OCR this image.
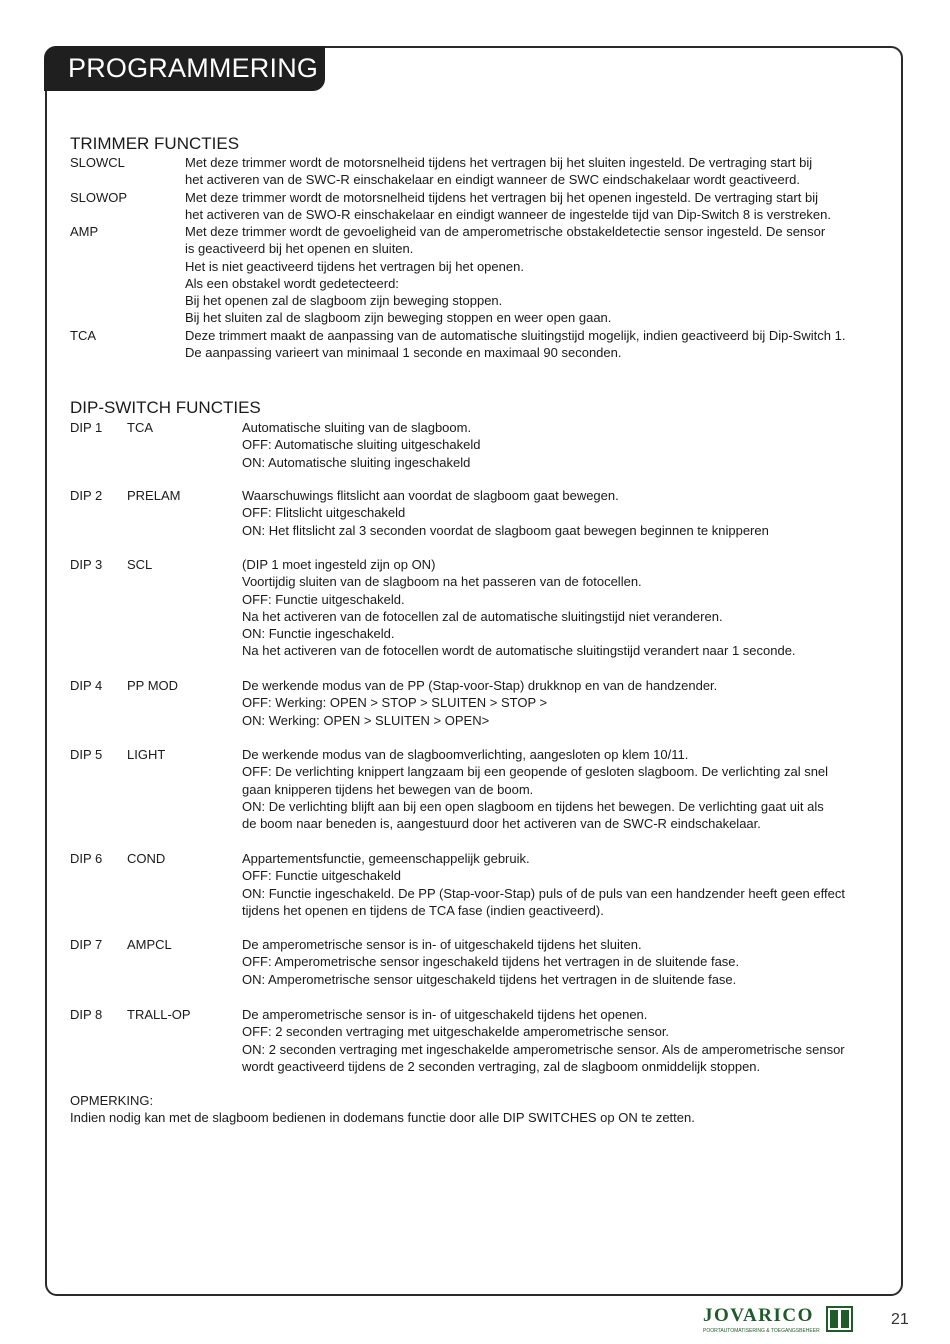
PROGRAMMERING
TRIMMER FUNCTIES
SLOWCL	Met deze trimmer wordt de motorsnelheid tijdens het vertragen bij het sluiten ingesteld. De vertraging start bij
het activeren van de SWC-R einschakelaar en eindigt wanneer de SWC eindschakelaar wordt geactiveerd.
SLOWOP	Met deze trimmer wordt de motorsnelheid tijdens het vertragen bij het openen ingesteld. De vertraging start bij
het activeren van de SWO-R einschakelaar en eindigt wanneer de ingestelde tijd van Dip-Switch 8 is verstreken.
AMP	Met deze trimmer wordt de gevoeligheid van de amperometrische obstakeldetectie sensor ingesteld. De sensor
is geactiveerd bij het openen en sluiten.
Het is niet geactiveerd tijdens het vertragen bij het openen.
Als een obstakel wordt gedetecteerd:
Bij het openen zal de slagboom zijn beweging stoppen.
Bij het sluiten zal de slagboom zijn beweging stoppen en weer open gaan.
TCA	Deze trimmert maakt de aanpassing van de automatische sluitingstijd mogelijk, indien geactiveerd bij Dip-Switch 1.
De aanpassing varieert van minimaal 1 seconde en maximaal 90 seconden.
DIP-SWITCH FUNCTIES
DIP 1 TCA	Automatische sluiting van de slagboom.
OFF: Automatische sluiting uitgeschakeld
ON: Automatische sluiting ingeschakeld
DIP 2 PRELAM	Waarschuwings flitslicht aan voordat de slagboom gaat bewegen.
OFF: Flitslicht uitgeschakeld
ON: Het flitslicht zal 3 seconden voordat de slagboom gaat bewegen beginnen te knipperen
DIP 3 SCL	(DIP 1 moet ingesteld zijn op ON)
Voortijdig sluiten van de slagboom na het passeren van de fotocellen.
OFF: Functie uitgeschakeld.
Na het activeren van de fotocellen zal de automatische sluitingstijd niet veranderen.
ON: Functie ingeschakeld.
Na het activeren van de fotocellen wordt de automatische sluitingstijd verandert naar 1 seconde.
DIP 4 PP MOD	De werkende modus van de PP (Stap-voor-Stap) drukknop en van de handzender.
OFF: Werking: OPEN > STOP > SLUITEN > STOP >
ON: Werking: OPEN > SLUITEN > OPEN>
DIP 5 LIGHT	De werkende modus van de slagboomverlichting, aangesloten op klem 10/11.
OFF: De verlichting knippert langzaam bij een geopende of gesloten slagboom. De verlichting zal snel
gaan knipperen tijdens het bewegen van de boom.
ON: De verlichting blijft aan bij een open slagboom en tijdens het bewegen. De verlichting gaat uit als
de boom naar beneden is, aangestuurd door het activeren van de SWC-R eindschakelaar.
DIP 6 COND	Appartementsfunctie, gemeenschappelijk gebruik.
OFF: Functie uitgeschakeld
ON: Functie ingeschakeld. De PP (Stap-voor-Stap) puls of de puls van een handzender heeft geen effect
tijdens het openen en tijdens de TCA fase (indien geactiveerd).
DIP 7 AMPCL	De amperometrische sensor is in- of uitgeschakeld tijdens het sluiten.
OFF: Amperometrische sensor ingeschakeld tijdens het vertragen in de sluitende fase.
ON: Amperometrische sensor uitgeschakeld tijdens het vertragen in de sluitende fase.
DIP 8 TRALL-OP	De amperometrische sensor is in- of uitgeschakeld tijdens het openen.
OFF: 2 seconden vertraging met uitgeschakelde amperometrische sensor.
ON: 2 seconden vertraging met ingeschakelde amperometrische sensor. Als de amperometrische sensor
wordt geactiveerd tijdens de 2 seconden vertraging, zal de slagboom onmiddelijk stoppen.
OPMERKING:
Indien nodig kan met de slagboom bedienen in dodemans functie door alle DIP SWITCHES op ON te zetten.
JOVARICO
POORTAUTOMATISERING & TOEGANGSBEHEER
21
